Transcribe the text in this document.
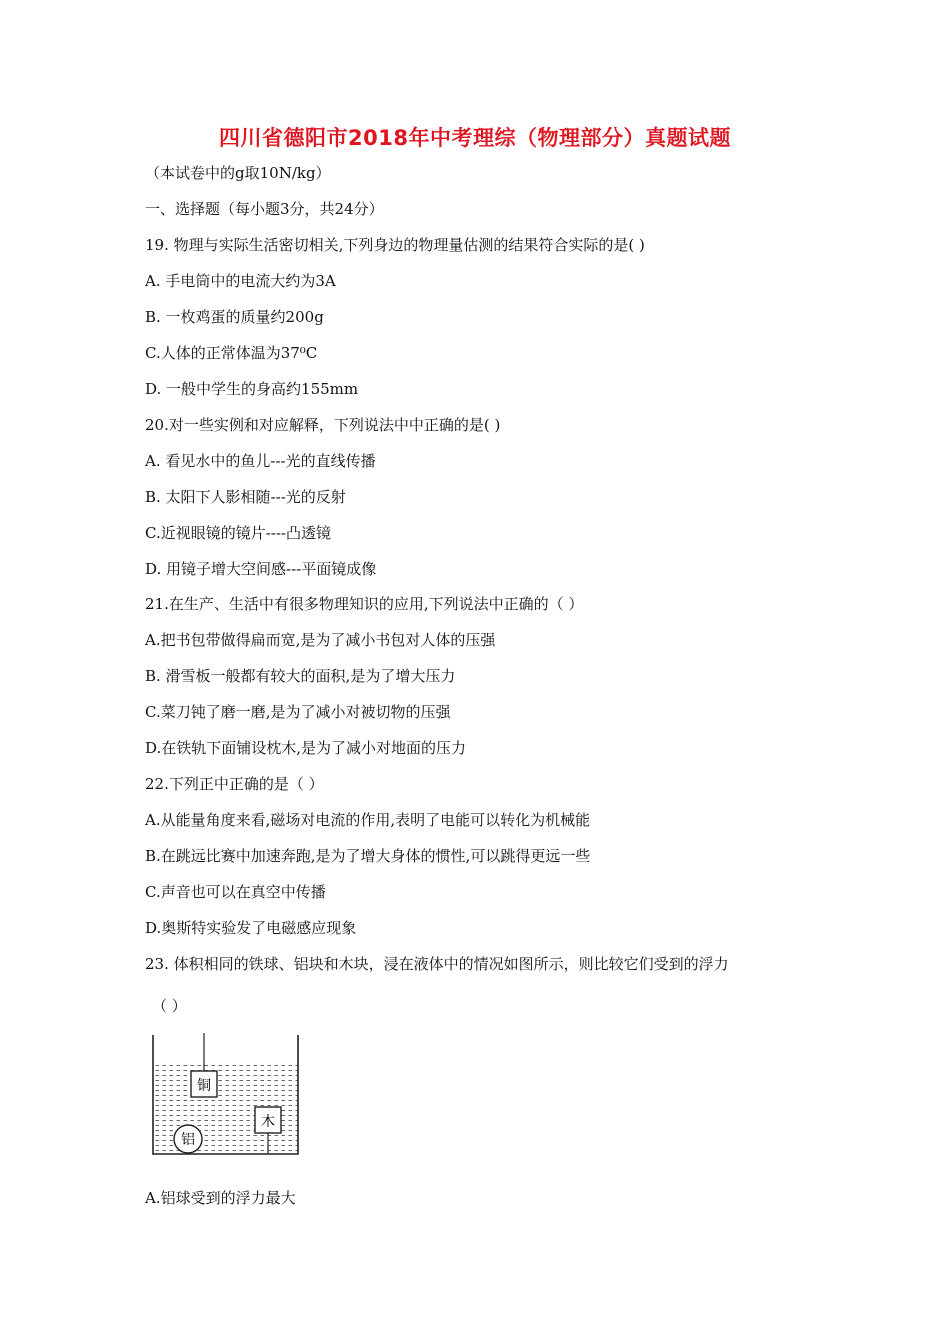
四川省德阳市2018年中考理综（物理部分）真题试题
（本试卷中的g取10N/kg）
一、选择题（每小题3分，共24分）
19. 物理与实际生活密切相关,下列身边的物理量估测的结果符合实际的是( )
A. 手电筒中的电流大约为3A
B. 一枚鸡蛋的质量约200g
C.人体的正常体温为37⁰C
D. 一般中学生的身高约155mm
20.对一些实例和对应解释，下列说法中中正确的是( )
A. 看见水中的鱼儿---光的直线传播
B. 太阳下人影相随---光的反射
C.近视眼镜的镜片----凸透镜
D. 用镜子增大空间感---平面镜成像
21.在生产、生活中有很多物理知识的应用,下列说法中正确的（ ）
A.把书包带做得扁而宽,是为了减小书包对人体的压强
B. 滑雪板一般都有较大的面积,是为了增大压力
C.菜刀钝了磨一磨,是为了减小对被切物的压强
D.在铁轨下面铺设枕木,是为了减小对地面的压力
22.下列正中正确的是（ ）
A.从能量角度来看,磁场对电流的作用,表明了电能可以转化为机械能
B.在跳远比赛中加速奔跑,是为了增大身体的惯性,可以跳得更远一些
C.声音也可以在真空中传播
D.奥斯特实验发了电磁感应现象
23. 体积相同的铁球、铝块和木块，浸在液体中的情况如图所示，则比较它们受到的浮力
（ ）
铜
木
铝
A.铝球受到的浮力最大
